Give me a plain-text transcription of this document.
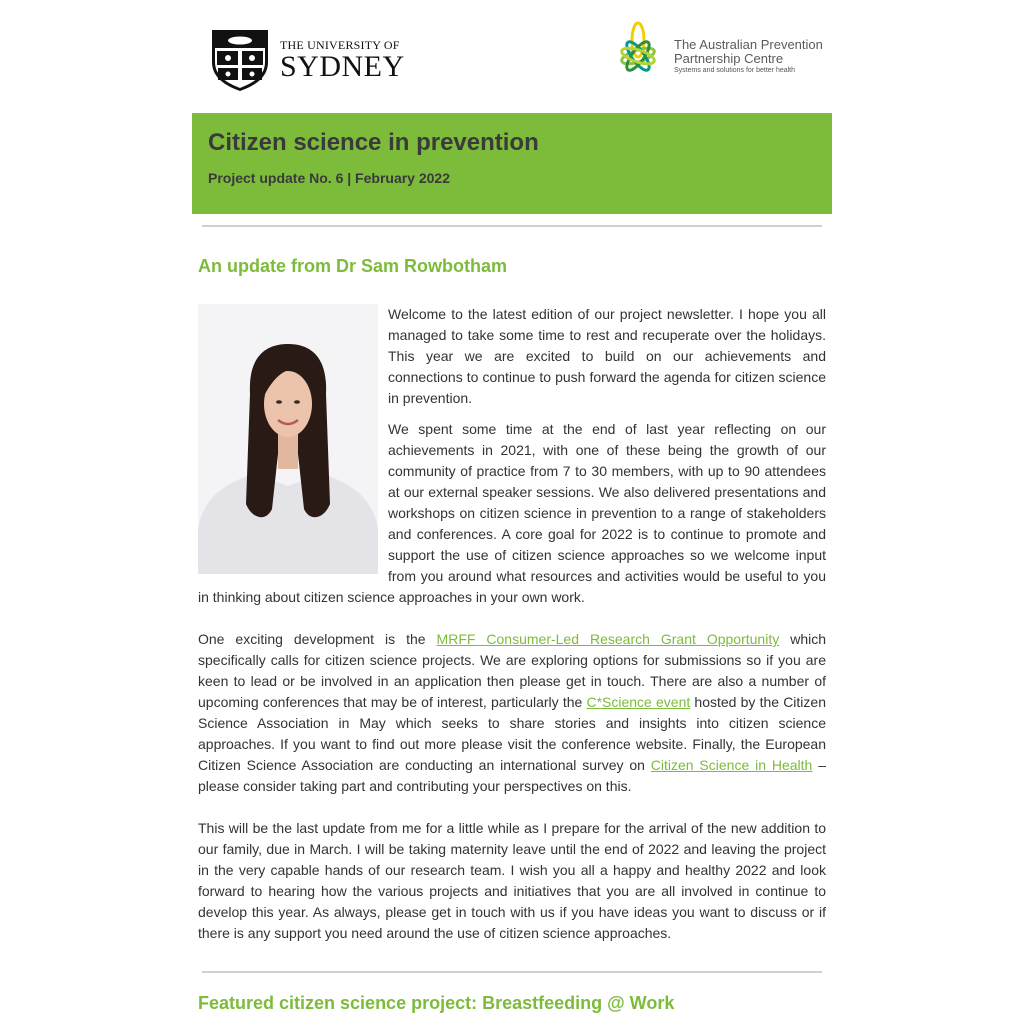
THE UNIVERSITY OF
SYDNEY
The Australian Prevention
Partnership Centre
Systems and solutions for better health
Citizen science in prevention
Project update No. 6 | February 2022
An update from Dr Sam Rowbotham

Welcome to the latest edition of our project newsletter. I hope you all managed to take some time to rest and recuperate over the holidays. This year we are excited to build on our achievements and connections to continue to push forward the agenda for citizen science in prevention.

We spent some time at the end of last year reflecting on our achievements in 2021, with one of these being the growth of our community of practice from 7 to 30 members, with up to 90 attendees at our external speaker sessions. We also delivered presentations and workshops on citizen science in prevention to a range of stakeholders and conferences. A core goal for 2022 is to continue to promote and support the use of citizen science approaches so we welcome input from you around what resources and activities would be useful to you in thinking about citizen science approaches in your own work.

One exciting development is the MRFF Consumer-Led Research Grant Opportunity which specifically calls for citizen science projects. We are exploring options for submissions so if you are keen to lead or be involved in an application then please get in touch. There are also a number of upcoming conferences that may be of interest, particularly the C*Science event hosted by the Citizen Science Association in May which seeks to share stories and insights into citizen science approaches. If you want to find out more please visit the conference website. Finally, the European Citizen Science Association are conducting an international survey on Citizen Science in Health – please consider taking part and contributing your perspectives on this.

This will be the last update from me for a little while as I prepare for the arrival of the new addition to our family, due in March. I will be taking maternity leave until the end of 2022 and leaving the project in the very capable hands of our research team. I wish you all a happy and healthy 2022 and look forward to hearing how the various projects and initiatives that you are all involved in continue to develop this year. As always, please get in touch with us if you have ideas you want to discuss or if there is any support you need around the use of citizen science approaches.

Featured citizen science project: Breastfeeding @ Work
